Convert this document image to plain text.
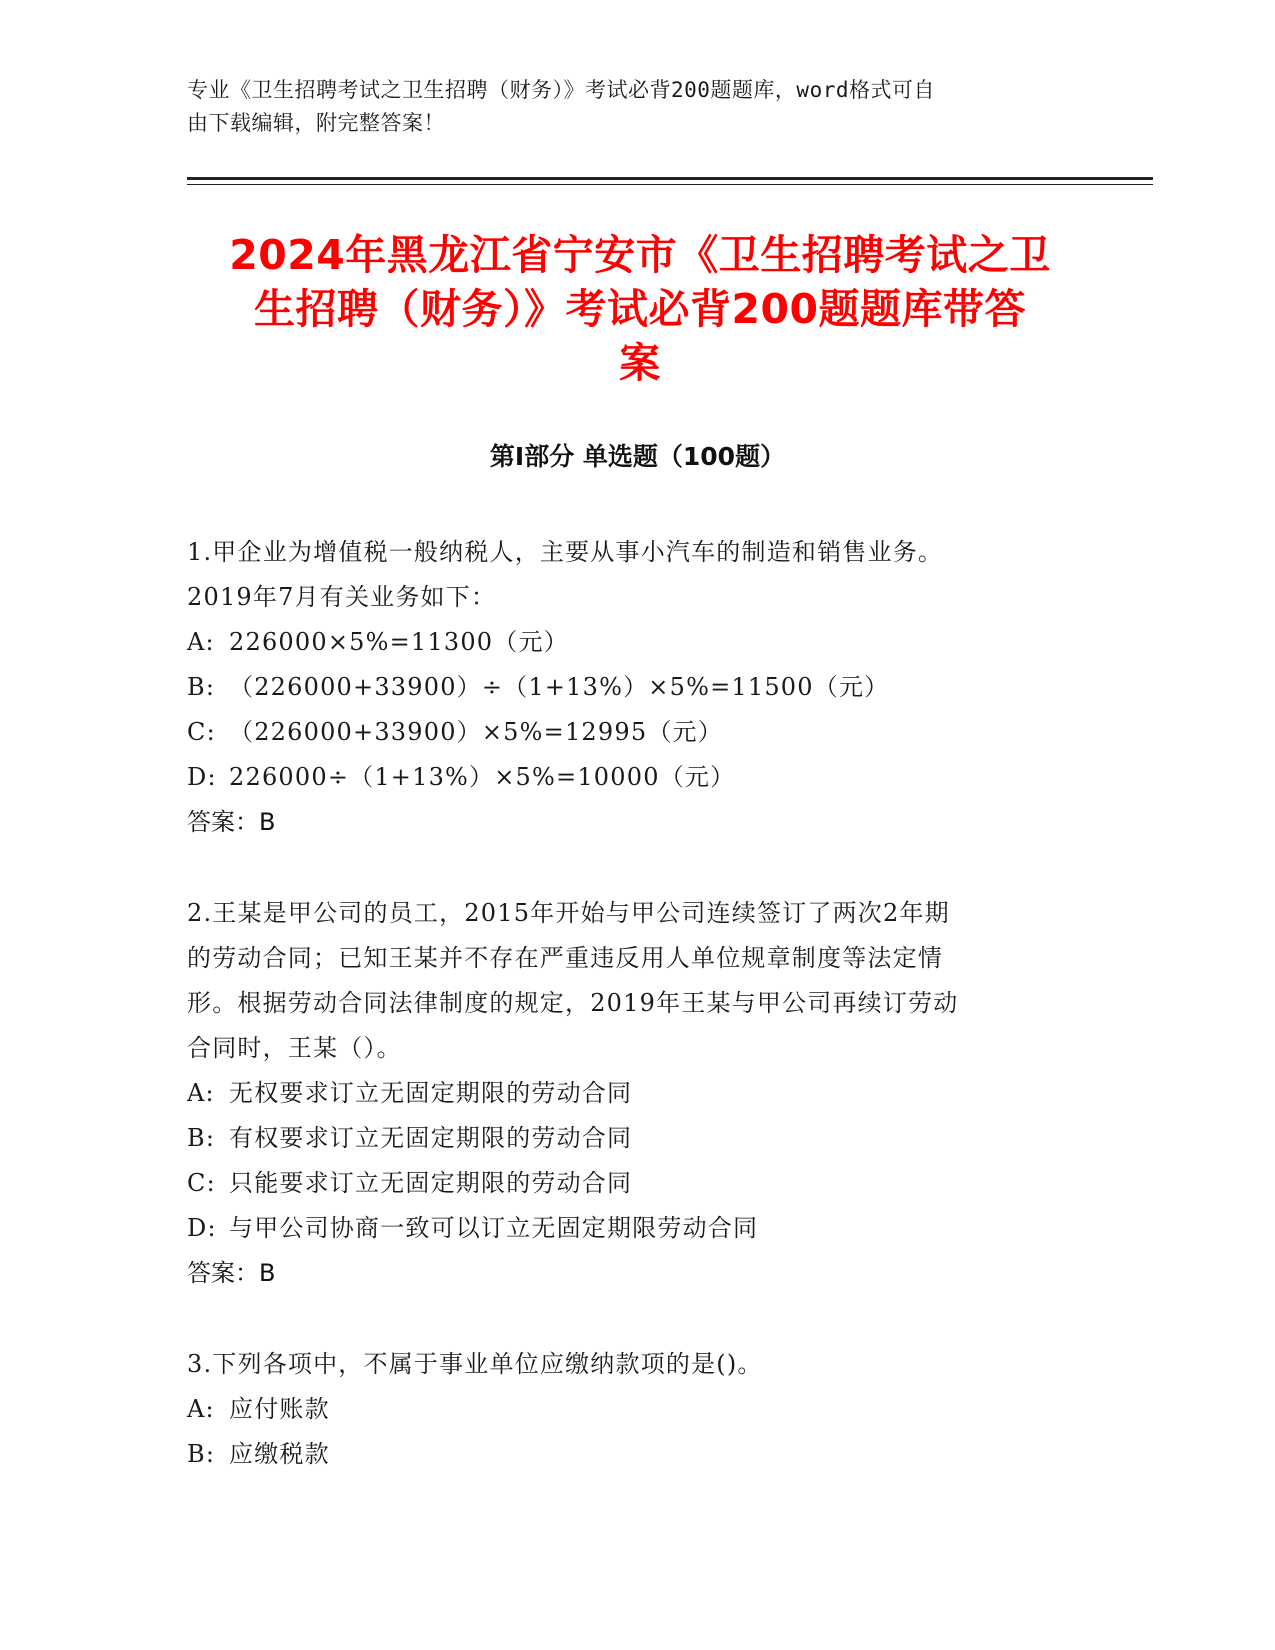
专业《卫生招聘考试之卫生招聘（财务）》考试必背200题题库，word格式可自
由下载编辑，附完整答案！
2024年黑龙江省宁安市《卫生招聘考试之卫
生招聘（财务）》考试必背200题题库带答
案
第Ⅰ部分 单选题（100题）
1.甲企业为增值税一般纳税人，主要从事小汽车的制造和销售业务。
2019年7月有关业务如下：
A: 226000×5%=11300（元）
B: （226000+33900）÷（1+13%）×5%=11500（元）
C: （226000+33900）×5%=12995（元）
D: 226000÷（1+13%）×5%=10000（元）
答案：B
2.王某是甲公司的员工，2015年开始与甲公司连续签订了两次2年期
的劳动合同；已知王某并不存在严重违反用人单位规章制度等法定情
形。根据劳动合同法律制度的规定，2019年王某与甲公司再续订劳动
合同时，王某（）。
A: 无权要求订立无固定期限的劳动合同
B: 有权要求订立无固定期限的劳动合同
C: 只能要求订立无固定期限的劳动合同
D: 与甲公司协商一致可以订立无固定期限劳动合同
答案：B
3.下列各项中，不属于事业单位应缴纳款项的是()。
A: 应付账款
B: 应缴税款
